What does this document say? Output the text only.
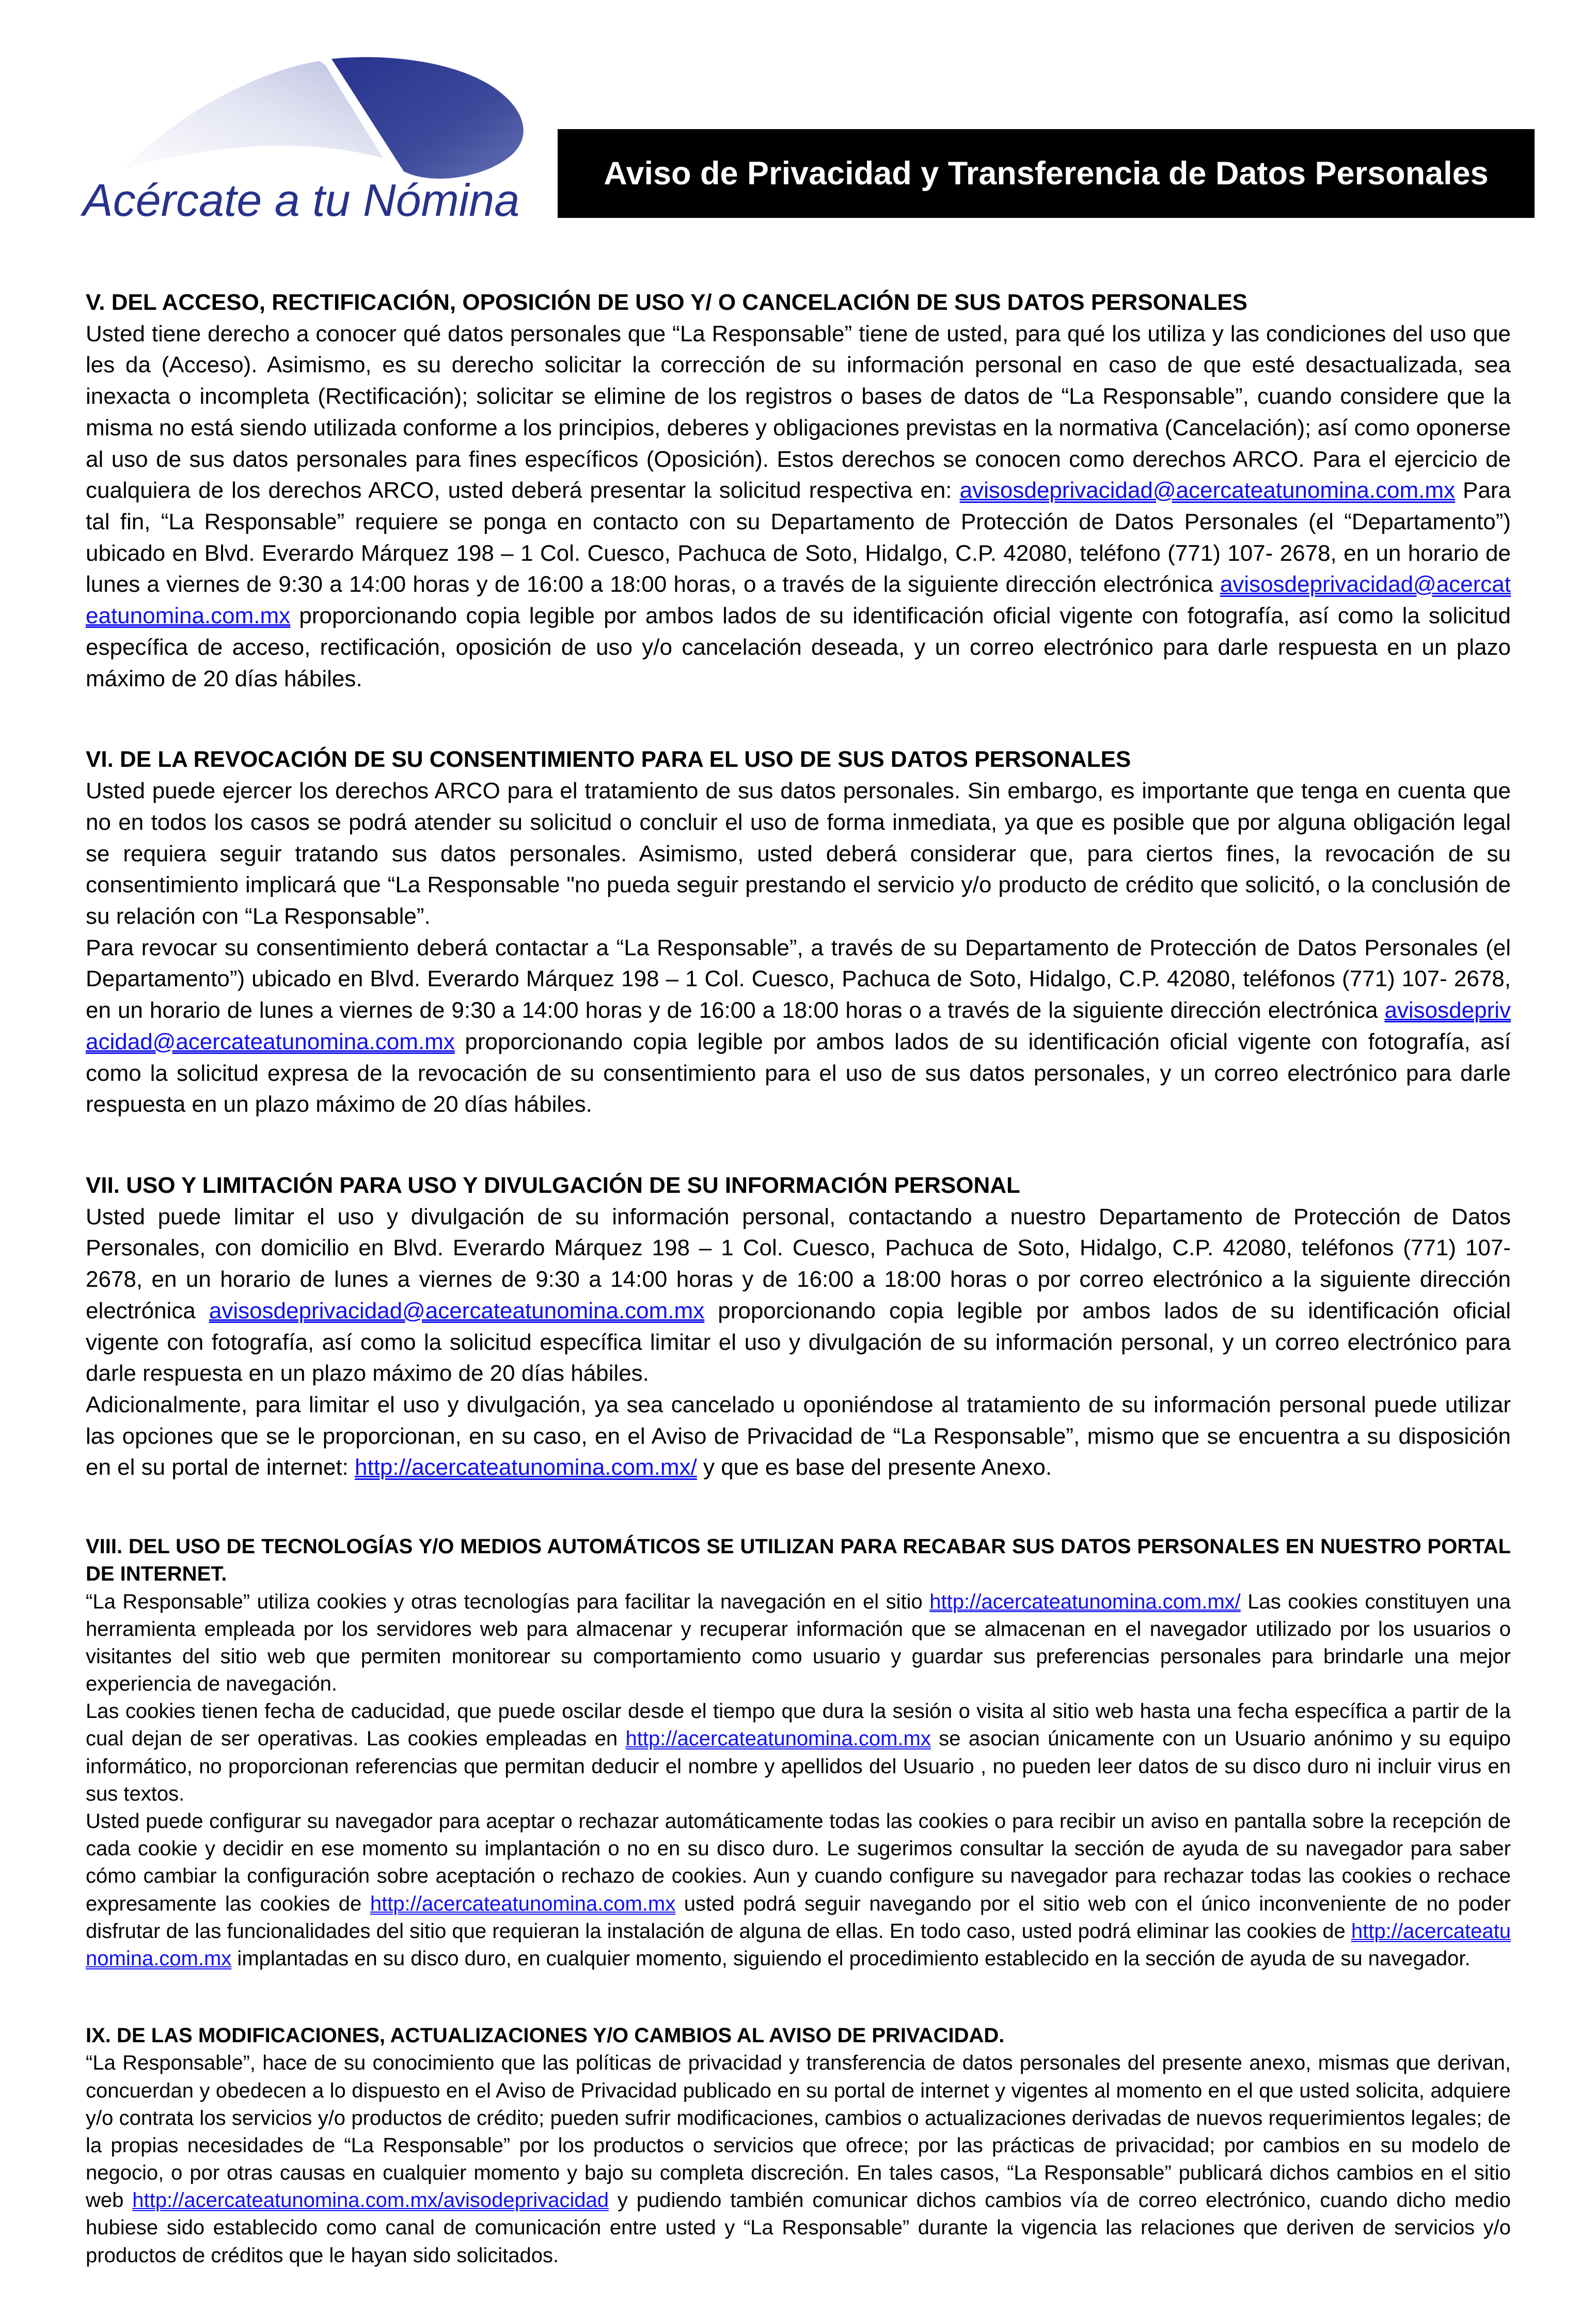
Acércate a tu Nómina
Aviso de Privacidad y Transferencia de Datos Personales
V. DEL ACCESO, RECTIFICACIÓN, OPOSICIÓN DE USO Y/ O CANCELACIÓN DE SUS DATOS PERSONALES

Usted tiene derecho a conocer qué datos personales que “La Responsable” tiene de usted, para qué los utiliza y las condiciones del uso que les da (Acceso). Asimismo, es su derecho solicitar la corrección de su información personal en caso de que esté desactualizada, sea inexacta o incompleta (Rectificación); solicitar se elimine de los registros o bases de datos de “La Responsable”, cuando considere que la misma no está siendo utilizada conforme a los principios, deberes y obligaciones previstas en la normativa (Cancelación); así como oponerse al uso de sus datos personales para fines específicos (Oposición). Estos derechos se conocen como derechos ARCO. Para el ejercicio de cualquiera de los derechos ARCO, usted deberá presentar la solicitud respectiva en: avisosdeprivacidad@acercateatunomina.com.mx Para tal fin, “La Responsable” requiere se ponga en contacto con su Departamento de Protección de Datos Personales (el “Departamento”) ubicado en Blvd. Everardo Márquez 198 – 1 Col. Cuesco, Pachuca de Soto, Hidalgo, C.P. 42080, teléfono (771) 107- 2678, en un horario de lunes a viernes de 9:30 a 14:00 horas y de 16:00 a 18:00 horas, o a través de la siguiente dirección electrónica avisosdeprivacidad@acercateatunomina.com.mx proporcionando copia legible por ambos lados de su identificación oficial vigente con fotografía, así como la solicitud específica de acceso, rectificación, oposición de uso y/o cancelación deseada, y un correo electrónico para darle respuesta en un plazo máximo de 20 días hábiles.

VI. DE LA REVOCACIÓN DE SU CONSENTIMIENTO PARA EL USO DE SUS DATOS PERSONALES

Usted puede ejercer los derechos ARCO para el tratamiento de sus datos personales. Sin embargo, es importante que tenga en cuenta que no en todos los casos se podrá atender su solicitud o concluir el uso de forma inmediata, ya que es posible que por alguna obligación legal se requiera seguir tratando sus datos personales. Asimismo, usted deberá considerar que, para ciertos fines, la revocación de su consentimiento implicará que “La Responsable "no pueda seguir prestando el servicio y/o producto de crédito que solicitó, o la conclusión de su relación con “La Responsable”.

Para revocar su consentimiento deberá contactar a “La Responsable”, a través de su Departamento de Protección de Datos Personales (el Departamento”) ubicado en Blvd. Everardo Márquez 198 – 1 Col. Cuesco, Pachuca de Soto, Hidalgo, C.P. 42080, teléfonos (771) 107- 2678, en un horario de lunes a viernes de 9:30 a 14:00 horas y de 16:00 a 18:00 horas o a través de la siguiente dirección electrónica avisosdeprivacidad@acercateatunomina.com.mx proporcionando copia legible por ambos lados de su identificación oficial vigente con fotografía, así como la solicitud expresa de la revocación de su consentimiento para el uso de sus datos personales, y un correo electrónico para darle respuesta en un plazo máximo de 20 días hábiles.

VII. USO Y LIMITACIÓN PARA USO Y DIVULGACIÓN DE SU INFORMACIÓN PERSONAL

Usted puede limitar el uso y divulgación de su información personal, contactando a nuestro Departamento de Protección de Datos Personales, con domicilio en Blvd. Everardo Márquez 198 – 1 Col. Cuesco, Pachuca de Soto, Hidalgo, C.P. 42080, teléfonos (771) 107- 2678, en un horario de lunes a viernes de 9:30 a 14:00 horas y de 16:00 a 18:00 horas o por correo electrónico a la siguiente dirección electrónica avisosdeprivacidad@acercateatunomina.com.mx proporcionando copia legible por ambos lados de su identificación oficial vigente con fotografía, así como la solicitud específica limitar el uso y divulgación de su información personal, y un correo electrónico para darle respuesta en un plazo máximo de 20 días hábiles.

Adicionalmente, para limitar el uso y divulgación, ya sea cancelado u oponiéndose al tratamiento de su información personal puede utilizar las opciones que se le proporcionan, en su caso, en el Aviso de Privacidad de “La Responsable”, mismo que se encuentra a su disposición en el su portal de internet: http://acercateatunomina.com.mx/ y que es base del presente Anexo.

VIII. DEL USO DE TECNOLOGÍAS Y/O MEDIOS AUTOMÁTICOS SE UTILIZAN PARA RECABAR SUS DATOS PERSONALES EN NUESTRO PORTAL DE INTERNET.

“La Responsable” utiliza cookies y otras tecnologías para facilitar la navegación en el sitio http://acercateatunomina.com.mx/ Las cookies constituyen una herramienta empleada por los servidores web para almacenar y recuperar información que se almacenan en el navegador utilizado por los usuarios o visitantes del sitio web que permiten monitorear su comportamiento como usuario y guardar sus preferencias personales para brindarle una mejor experiencia de navegación.

Las cookies tienen fecha de caducidad, que puede oscilar desde el tiempo que dura la sesión o visita al sitio web hasta una fecha específica a partir de la cual dejan de ser operativas. Las cookies empleadas en http://acercateatunomina.com.mx se asocian únicamente con un Usuario anónimo y su equipo informático, no proporcionan referencias que permitan deducir el nombre y apellidos del Usuario , no pueden leer datos de su disco duro ni incluir virus en sus textos.

Usted puede configurar su navegador para aceptar o rechazar automáticamente todas las cookies o para recibir un aviso en pantalla sobre la recepción de cada cookie y decidir en ese momento su implantación o no en su disco duro. Le sugerimos consultar la sección de ayuda de su navegador para saber cómo cambiar la configuración sobre aceptación o rechazo de cookies. Aun y cuando configure su navegador para rechazar todas las cookies o rechace expresamente las cookies de http://acercateatunomina.com.mx usted podrá seguir navegando por el sitio web con el único inconveniente de no poder disfrutar de las funcionalidades del sitio que requieran la instalación de alguna de ellas. En todo caso, usted podrá eliminar las cookies de http://acercateatunomina.com.mx implantadas en su disco duro, en cualquier momento, siguiendo el procedimiento establecido en la sección de ayuda de su navegador.

IX. DE LAS MODIFICACIONES, ACTUALIZACIONES Y/O CAMBIOS AL AVISO DE PRIVACIDAD.

“La Responsable”, hace de su conocimiento que las políticas de privacidad y transferencia de datos personales del presente anexo, mismas que derivan, concuerdan y obedecen a lo dispuesto en el Aviso de Privacidad publicado en su portal de internet y vigentes al momento en el que usted solicita, adquiere y/o contrata los servicios y/o productos de crédito; pueden sufrir modificaciones, cambios o actualizaciones derivadas de nuevos requerimientos legales; de la propias necesidades de “La Responsable” por los productos o servicios que ofrece; por las prácticas de privacidad; por cambios en su modelo de negocio, o por otras causas en cualquier momento y bajo su completa discreción. En tales casos, “La Responsable” publicará dichos cambios en el sitio web http://acercateatunomina.com.mx/avisodeprivacidad y pudiendo también comunicar dichos cambios vía de correo electrónico, cuando dicho medio hubiese sido establecido como canal de comunicación entre usted y “La Responsable” durante la vigencia las relaciones que deriven de servicios y/o productos de créditos que le hayan sido solicitados.
